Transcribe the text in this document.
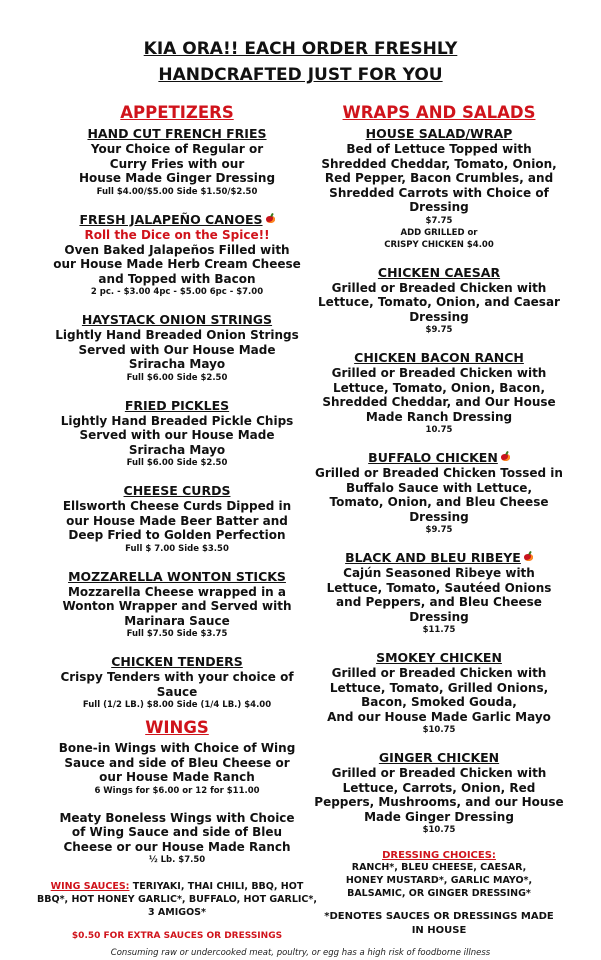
KIA ORA!! EACH ORDER FRESHLY
HANDCRAFTED JUST FOR YOU
APPETIZERS
HAND CUT FRENCH FRIES
Your Choice of Regular or
Curry Fries with our
House Made Ginger Dressing
Full $4.00/$5.00 Side $1.50/$2.50
FRESH JALAPEÑO CANOES
Roll the Dice on the Spice!!
Oven Baked Jalapeños Filled with
our House Made Herb Cream Cheese
and Topped with Bacon
2 pc. - $3.00 4pc - $5.00 6pc - $7.00
HAYSTACK ONION STRINGS
Lightly Hand Breaded Onion Strings
Served with Our House Made
Sriracha Mayo
Full $6.00 Side $2.50
FRIED PICKLES
Lightly Hand Breaded Pickle Chips
Served with our House Made
Sriracha Mayo
Full $6.00 Side $2.50
CHEESE CURDS
Ellsworth Cheese Curds Dipped in
our House Made Beer Batter and
Deep Fried to Golden Perfection
Full $ 7.00 Side $3.50
MOZZARELLA WONTON STICKS
Mozzarella Cheese wrapped in a
Wonton Wrapper and Served with
Marinara Sauce
Full $7.50 Side $3.75
CHICKEN TENDERS
Crispy Tenders with your choice of
Sauce
Full (1/2 LB.) $8.00 Side (1/4 LB.) $4.00
WINGS
Bone-in Wings with Choice of Wing
Sauce and side of Bleu Cheese or
our House Made Ranch
6 Wings for $6.00 or 12 for $11.00
Meaty Boneless Wings with Choice
of Wing Sauce and side of Bleu
Cheese or our House Made Ranch
½ Lb. $7.50
WING SAUCES: TERIYAKI, THAI CHILI, BBQ, HOT BBQ*, HOT HONEY GARLIC*, BUFFALO, HOT GARLIC*, 3 AMIGOS*
$0.50 FOR EXTRA SAUCES OR DRESSINGS
WRAPS AND SALADS
HOUSE SALAD/WRAP
Bed of Lettuce Topped with
Shredded Cheddar, Tomato, Onion,
Red Pepper, Bacon Crumbles, and
Shredded Carrots with Choice of
Dressing
$7.75
ADD GRILLED or
CRISPY CHICKEN $4.00
CHICKEN CAESAR
Grilled or Breaded Chicken with
Lettuce, Tomato, Onion, and Caesar
Dressing
$9.75
CHICKEN BACON RANCH
Grilled or Breaded Chicken with
Lettuce, Tomato, Onion, Bacon,
Shredded Cheddar, and Our House
Made Ranch Dressing
10.75
BUFFALO CHICKEN
Grilled or Breaded Chicken Tossed in
Buffalo Sauce with Lettuce,
Tomato, Onion, and Bleu Cheese
Dressing
$9.75
BLACK AND BLEU RIBEYE
Cajún Seasoned Ribeye with
Lettuce, Tomato, Sautéed Onions
and Peppers, and Bleu Cheese
Dressing
$11.75
SMOKEY CHICKEN
Grilled or Breaded Chicken with
Lettuce, Tomato, Grilled Onions,
Bacon, Smoked Gouda,
And our House Made Garlic Mayo
$10.75
GINGER CHICKEN
Grilled or Breaded Chicken with
Lettuce, Carrots, Onion, Red
Peppers, Mushrooms, and our House
Made Ginger Dressing
$10.75
DRESSING CHOICES:
RANCH*, BLEU CHEESE, CAESAR,
HONEY MUSTARD*, GARLIC MAYO*,
BALSAMIC, OR GINGER DRESSING*
*DENOTES SAUCES OR DRESSINGS MADE
IN HOUSE
Consuming raw or undercooked meat, poultry, or egg has a high risk of foodborne illness
